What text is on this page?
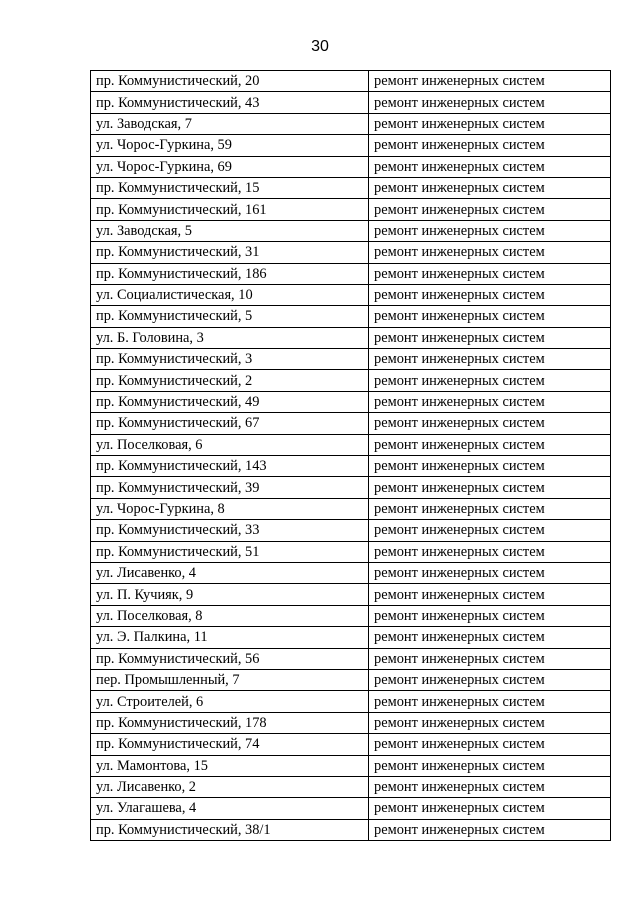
30
пр. Коммунистический, 20	ремонт инженерных систем
пр. Коммунистический, 43	ремонт инженерных систем
ул. Заводская, 7	ремонт инженерных систем
ул. Чорос-Гуркина, 59	ремонт инженерных систем
ул. Чорос-Гуркина, 69	ремонт инженерных систем
пр. Коммунистический, 15	ремонт инженерных систем
пр. Коммунистический, 161	ремонт инженерных систем
ул. Заводская, 5	ремонт инженерных систем
пр. Коммунистический, 31	ремонт инженерных систем
пр. Коммунистический, 186	ремонт инженерных систем
ул. Социалистическая, 10	ремонт инженерных систем
пр. Коммунистический, 5	ремонт инженерных систем
ул. Б. Головина, 3	ремонт инженерных систем
пр. Коммунистический, 3	ремонт инженерных систем
пр. Коммунистический, 2	ремонт инженерных систем
пр. Коммунистический, 49	ремонт инженерных систем
пр. Коммунистический, 67	ремонт инженерных систем
ул. Поселковая, 6	ремонт инженерных систем
пр. Коммунистический, 143	ремонт инженерных систем
пр. Коммунистический, 39	ремонт инженерных систем
ул. Чорос-Гуркина, 8	ремонт инженерных систем
пр. Коммунистический, 33	ремонт инженерных систем
пр. Коммунистический, 51	ремонт инженерных систем
ул. Лисавенко, 4	ремонт инженерных систем
ул. П. Кучияк, 9	ремонт инженерных систем
ул. Поселковая, 8	ремонт инженерных систем
ул. Э. Палкина, 11	ремонт инженерных систем
пр. Коммунистический, 56	ремонт инженерных систем
пер. Промышленный, 7	ремонт инженерных систем
ул. Строителей, 6	ремонт инженерных систем
пр. Коммунистический, 178	ремонт инженерных систем
пр. Коммунистический, 74	ремонт инженерных систем
ул. Мамонтова, 15	ремонт инженерных систем
ул. Лисавенко, 2	ремонт инженерных систем
ул. Улагашева, 4	ремонт инженерных систем
пр. Коммунистический, 38/1	ремонт инженерных систем
